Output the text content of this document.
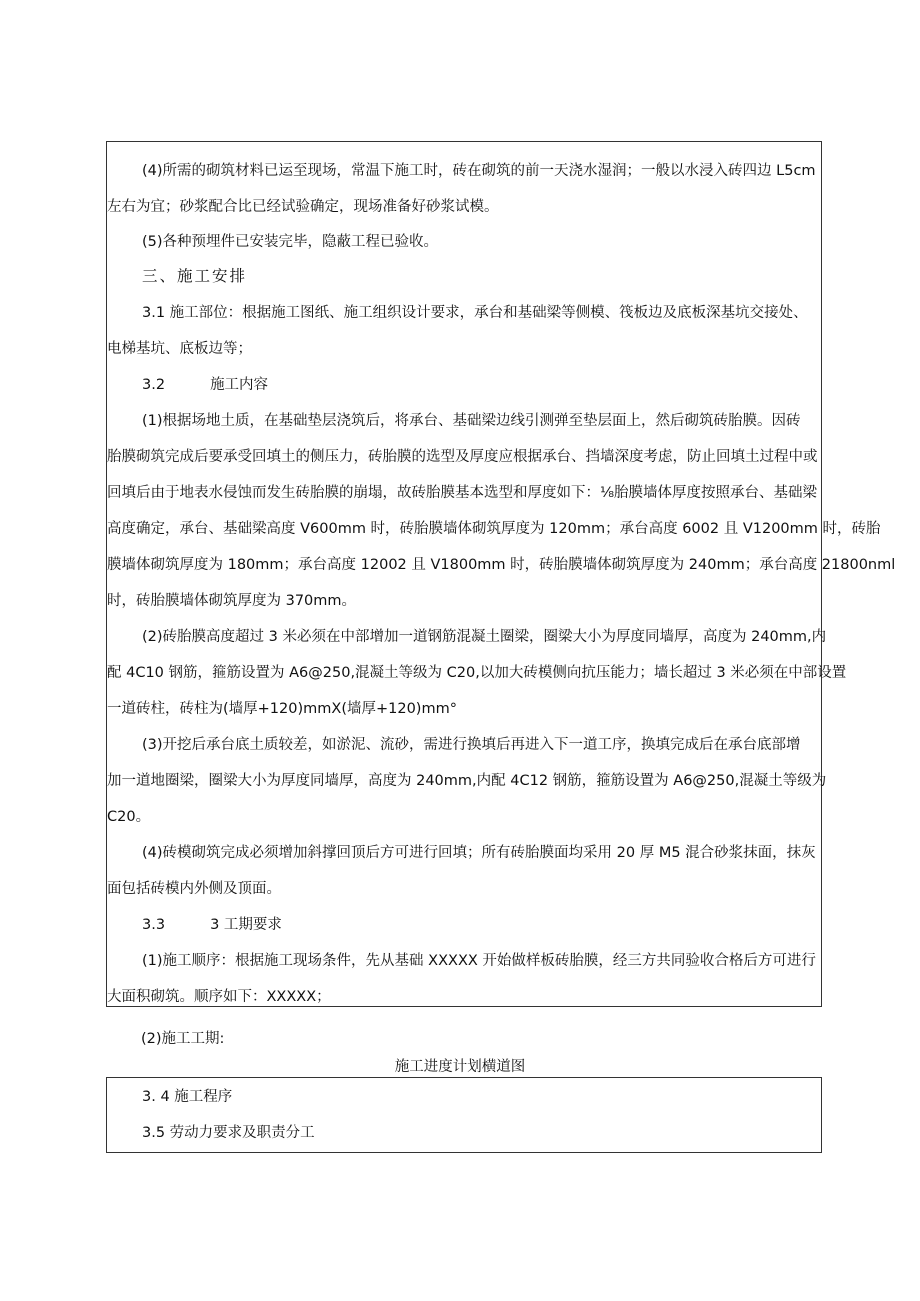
(4)所需的砌筑材料已运至现场，常温下施工时，砖在砌筑的前一天浇水湿润；一般以水浸入砖四边 L5cm
左右为宜；砂浆配合比已经试验确定，现场准备好砂浆试模。
(5)各种预埋件已安装完毕，隐蔽工程已验收。
三、施工安排
3.1 施工部位：根据施工图纸、施工组织设计要求，承台和基础梁等侧模、筏板边及底板深基坑交接处、
电梯基坑、底板边等；
3.2	施工内容
(1)根据场地土质，在基础垫层浇筑后，将承台、基础梁边线引测弹至垫层面上，然后砌筑砖胎膜。因砖
胎膜砌筑完成后要承受回填土的侧压力，砖胎膜的选型及厚度应根据承台、挡墙深度考虑，防止回填土过程中或
回填后由于地表水侵蚀而发生砖胎膜的崩塌，故砖胎膜基本选型和厚度如下：⅛胎膜墙体厚度按照承台、基础梁
高度确定，承台、基础梁高度 V600mm 时，砖胎膜墙体砌筑厚度为 120mm；承台高度 6002 且 V1200mm 时，砖胎
膜墙体砌筑厚度为 180mm；承台高度 12002 且 V1800mm 时，砖胎膜墙体砌筑厚度为 240mm；承台高度 21800nml
时，砖胎膜墙体砌筑厚度为 370mm。
(2)砖胎膜高度超过 3 米必须在中部增加一道钢筋混凝土圈梁，圈梁大小为厚度同墙厚，高度为 240mm,内
配 4C10 钢筋，箍筋设置为 A6@250,混凝土等级为 C20,以加大砖模侧向抗压能力；墙长超过 3 米必须在中部设置
一道砖柱，砖柱为(墙厚+120)mmX(墙厚+120)mm°
(3)开挖后承台底土质较差，如淤泥、流砂，需进行换填后再进入下一道工序，换填完成后在承台底部增
加一道地圈梁，圈梁大小为厚度同墙厚，高度为 240mm,内配 4C12 钢筋，箍筋设置为 A6@250,混凝土等级为
C20。
(4)砖模砌筑完成必须增加斜撑回顶后方可进行回填；所有砖胎膜面均采用 20 厚 M5 混合砂浆抹面，抹灰
面包括砖模内外侧及顶面。
3.3	3 工期要求
(1)施工顺序：根据施工现场条件，先从基础 XXXXX 开始做样板砖胎膜，经三方共同验收合格后方可进行
大面积砌筑。顺序如下：XXXXX；
(2)施工工期:
施工进度计划横道图
3. 4 施工程序
3.5 劳动力要求及职责分工
